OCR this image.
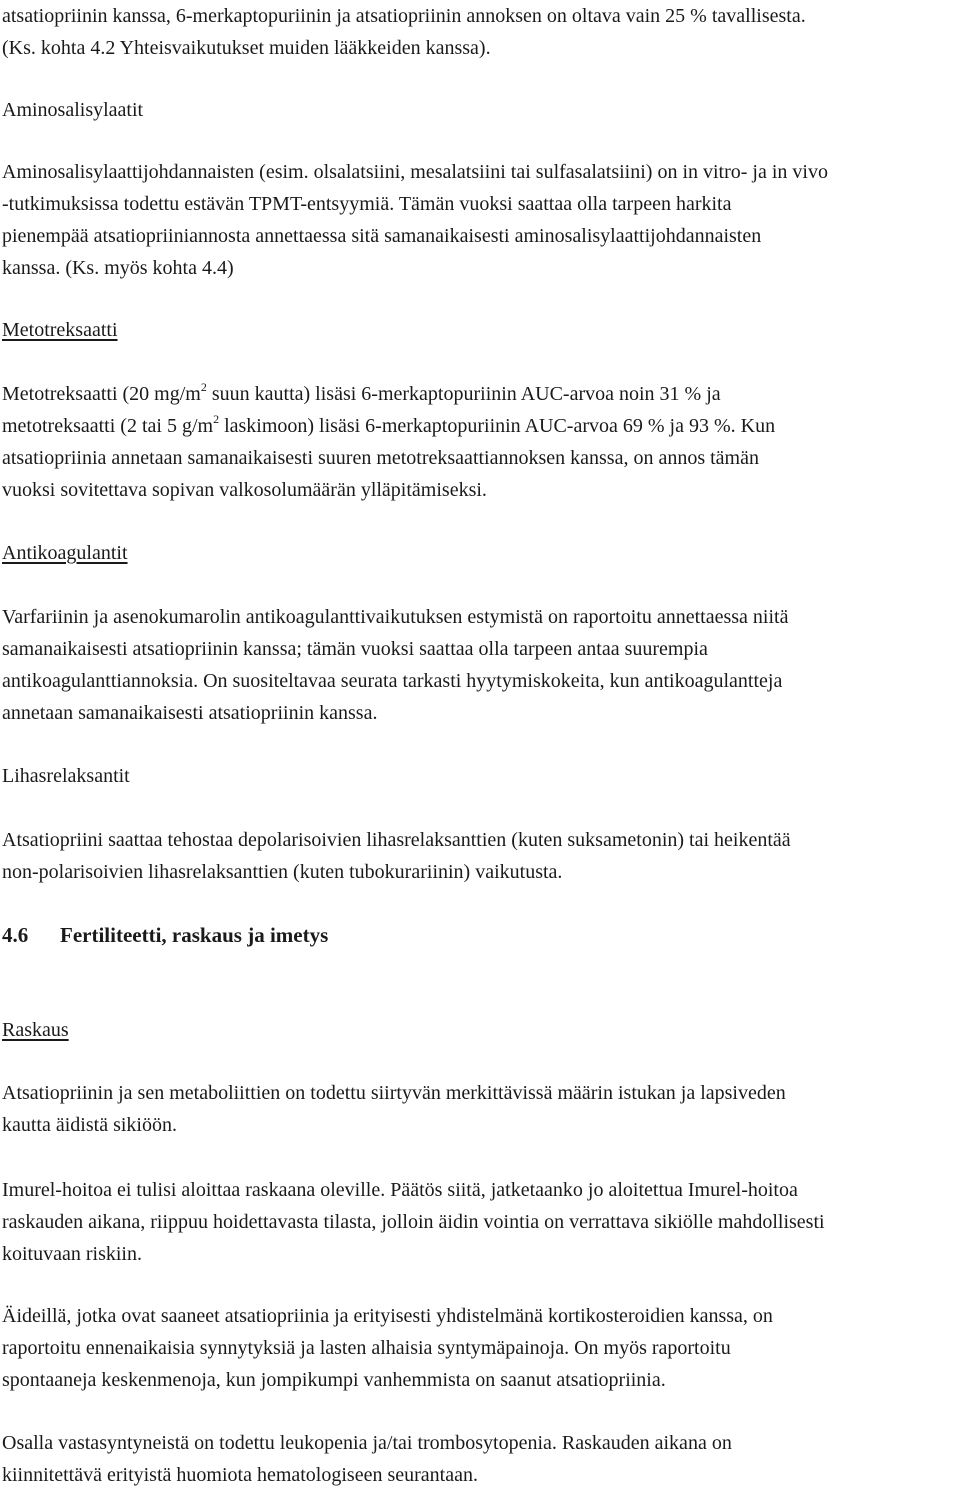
atsatiopriinin kanssa, 6-merkaptopuriinin ja atsatiopriinin annoksen on oltava vain 25 % tavallisesta.
(Ks. kohta 4.2 Yhteisvaikutukset muiden lääkkeiden kanssa).
Aminosalisylaatit
Aminosalisylaattijohdannaisten (esim. olsalatsiini, mesalatsiini tai sulfasalatsiini) on in vitro- ja in vivo
-tutkimuksissa todettu estävän TPMT-entsyymiä. Tämän vuoksi saattaa olla tarpeen harkita
pienempää atsatiopriiniannosta annettaessa sitä samanaikaisesti aminosalisylaattijohdannaisten
kanssa. (Ks. myös kohta 4.4)
Metotreksaatti
Metotreksaatti (20 $mg/m^2$ suun kautta) lisäsi 6-merkaptopuriinin AUC-arvoa noin 31 % ja
metotreksaatti (2 tai 5 $g/m^2$ laskimoon) lisäsi 6-merkaptopuriinin AUC-arvoa 69 % ja 93 %. Kun
atsatiopriinia annetaan samanaikaisesti suuren metotreksaattiannoksen kanssa, on annos tämän
vuoksi sovitettava sopivan valkosolumäärän ylläpitämiseksi.
Antikoagulantit
Varfariinin ja asenokumarolin antikoagulanttivaikutuksen estymistä on raportoitu annettaessa niitä
samanaikaisesti atsatiopriinin kanssa; tämän vuoksi saattaa olla tarpeen antaa suurempia
antikoagulanttiannoksia. On suositeltavaa seurata tarkasti hyytymiskokeita, kun antikoagulantteja
annetaan samanaikaisesti atsatiopriinin kanssa.
Lihasrelaksantit
Atsatiopriini saattaa tehostaa depolarisoivien lihasrelaksanttien (kuten suksametonin) tai heikentää
non-polarisoivien lihasrelaksanttien (kuten tubokurariinin) vaikutusta.
4.6 Fertiliteetti, raskaus ja imetys
Raskaus
Atsatiopriinin ja sen metaboliittien on todettu siirtyvän merkittävissä määrin istukan ja lapsiveden
kautta äidistä sikiöön.
Imurel-hoitoa ei tulisi aloittaa raskaana oleville. Päätös siitä, jatketaanko jo aloitettua Imurel-hoitoa
raskauden aikana, riippuu hoidettavasta tilasta, jolloin äidin vointia on verrattava sikiölle mahdollisesti
koituvaan riskiin.
Äideillä, jotka ovat saaneet atsatiopriinia ja erityisesti yhdistelmänä kortikosteroidien kanssa, on
raportoitu ennenaikaisia synnytyksiä ja lasten alhaisia syntymäpainoja. On myös raportoitu
spontaaneja keskenmenoja, kun jompikumpi vanhemmista on saanut atsatiopriinia.
Osalla vastasyntyneistä on todettu leukopenia ja/tai trombosytopenia. Raskauden aikana on
kiinnitettävä erityistä huomiota hematologiseen seurantaan.
